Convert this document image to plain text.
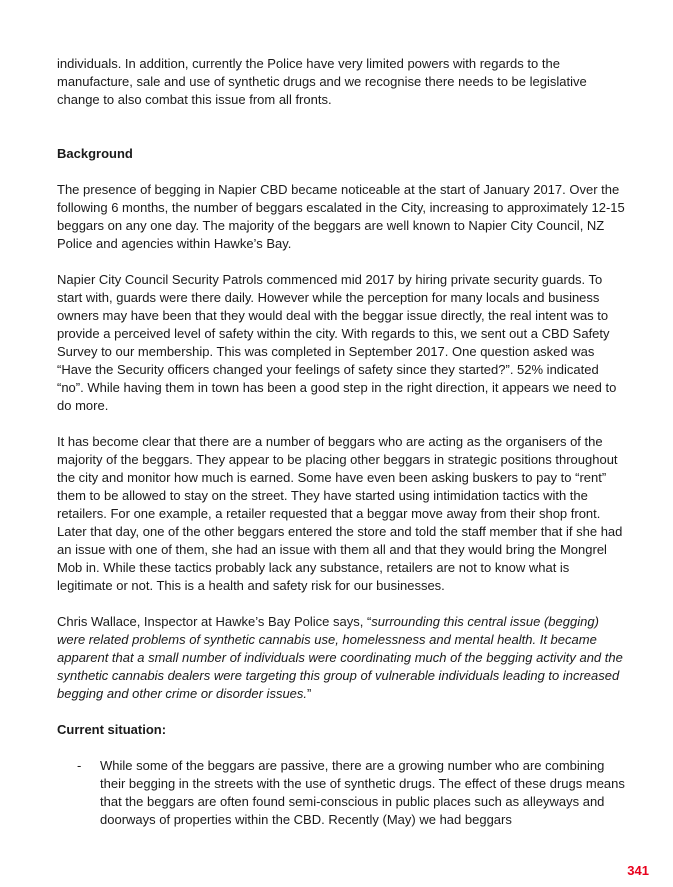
individuals. In addition, currently the Police have very limited powers with regards to the manufacture, sale and use of synthetic drugs and we recognise there needs to be legislative change to also combat this issue from all fronts.

Background

The presence of begging in Napier CBD became noticeable at the start of January 2017. Over the following 6 months, the number of beggars escalated in the City, increasing to approximately 12-15 beggars on any one day. The majority of the beggars are well known to Napier City Council, NZ Police and agencies within Hawke’s Bay.

Napier City Council Security Patrols commenced mid 2017 by hiring private security guards. To start with, guards were there daily. However while the perception for many locals and business owners may have been that they would deal with the beggar issue directly, the real intent was to provide a perceived level of safety within the city. With regards to this, we sent out a CBD Safety Survey to our membership. This was completed in September 2017. One question asked was “Have the Security officers changed your feelings of safety since they started?”. 52% indicated “no”. While having them in town has been a good step in the right direction, it appears we need to do more.

It has become clear that there are a number of beggars who are acting as the organisers of the majority of the beggars. They appear to be placing other beggars in strategic positions throughout the city and monitor how much is earned. Some have even been asking buskers to pay to “rent” them to be allowed to stay on the street. They have started using intimidation tactics with the retailers. For one example, a retailer requested that a beggar move away from their shop front. Later that day, one of the other beggars entered the store and told the staff member that if she had an issue with one of them, she had an issue with them all and that they would bring the Mongrel Mob in. While these tactics probably lack any substance, retailers are not to know what is legitimate or not. This is a health and safety risk for our businesses.

Chris Wallace, Inspector at Hawke’s Bay Police says, “surrounding this central issue (begging) were related problems of synthetic cannabis use, homelessness and mental health. It became apparent that a small number of individuals were coordinating much of the begging activity and the synthetic cannabis dealers were targeting this group of vulnerable individuals leading to increased begging and other crime or disorder issues.”

Current situation:

- While some of the beggars are passive, there are a growing number who are combining their begging in the streets with the use of synthetic drugs. The effect of these drugs means that the beggars are often found semi-conscious in public places such as alleyways and doorways of properties within the CBD. Recently (May) we had beggars
341
